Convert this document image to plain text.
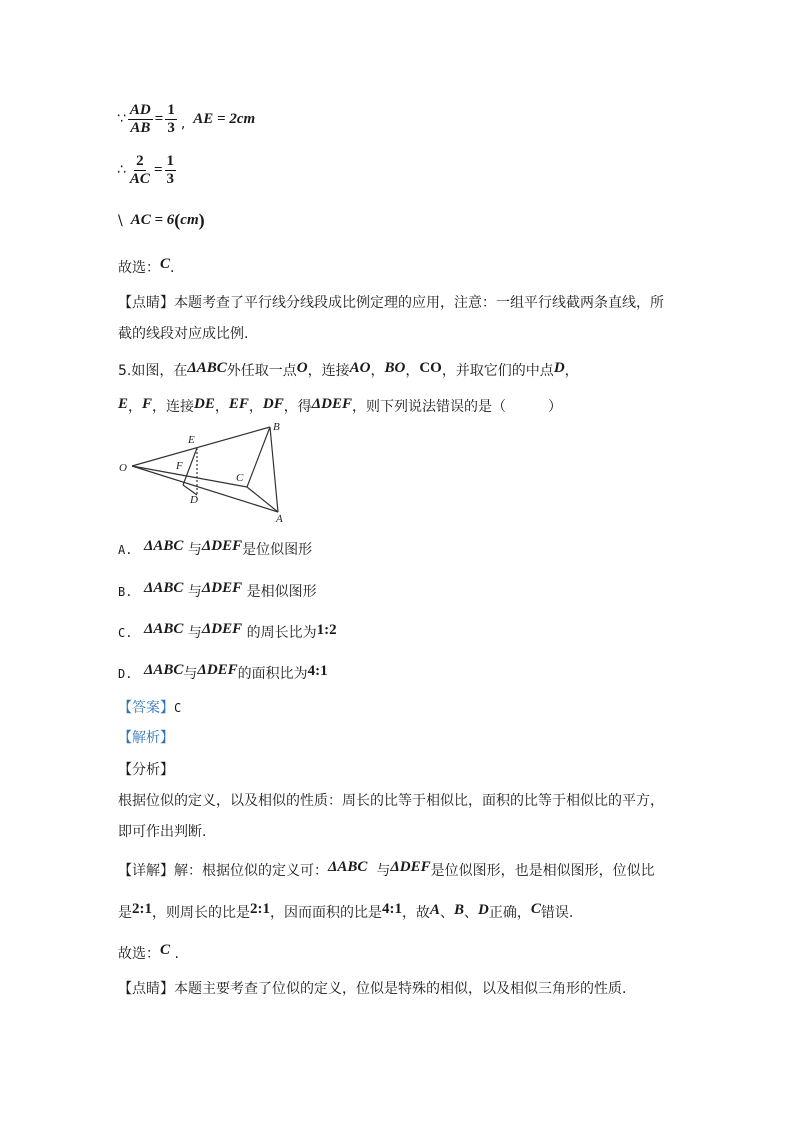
∵ $\frac{AD}{AB} = \frac{1}{3}$ , AE = 2cm
∴ $\frac{2}{AC} = \frac{1}{3}$
\ AC = 6 ( cm )
故选：C.
【点睛】本题考查了平行线分线段成比例定理的应用，注意：一组平行线截两条直线，所
截的线段对应成比例.
5.如图，在ΔABC外任取一点O，连接AO，BO，CO，并取它们的中点D，
E，F，连接DE，EF，DF，得ΔDEF，则下列说法错误的是（　　　）
O
E
F
D
B
C
A
A. ΔABC 与ΔDEF是位似图形
B. ΔABC 与ΔDEF 是相似图形
C. ΔABC 与ΔDEF 的周长比为1:2
D. ΔABC与ΔDEF的面积比为4:1
【答案】C
【解析】
【分析】
根据位似的定义，以及相似的性质：周长的比等于相似比，面积的比等于相似比的平方，
即可作出判断.
【详解】解：根据位似的定义可：ΔABC 与ΔDEF是位似图形，也是相似图形，位似比
是2:1，则周长的比是2:1，因而面积的比是4:1，故A、B、D正确，C错误.
故选：C .
【点睛】本题主要考查了位似的定义，位似是特殊的相似，以及相似三角形的性质.
